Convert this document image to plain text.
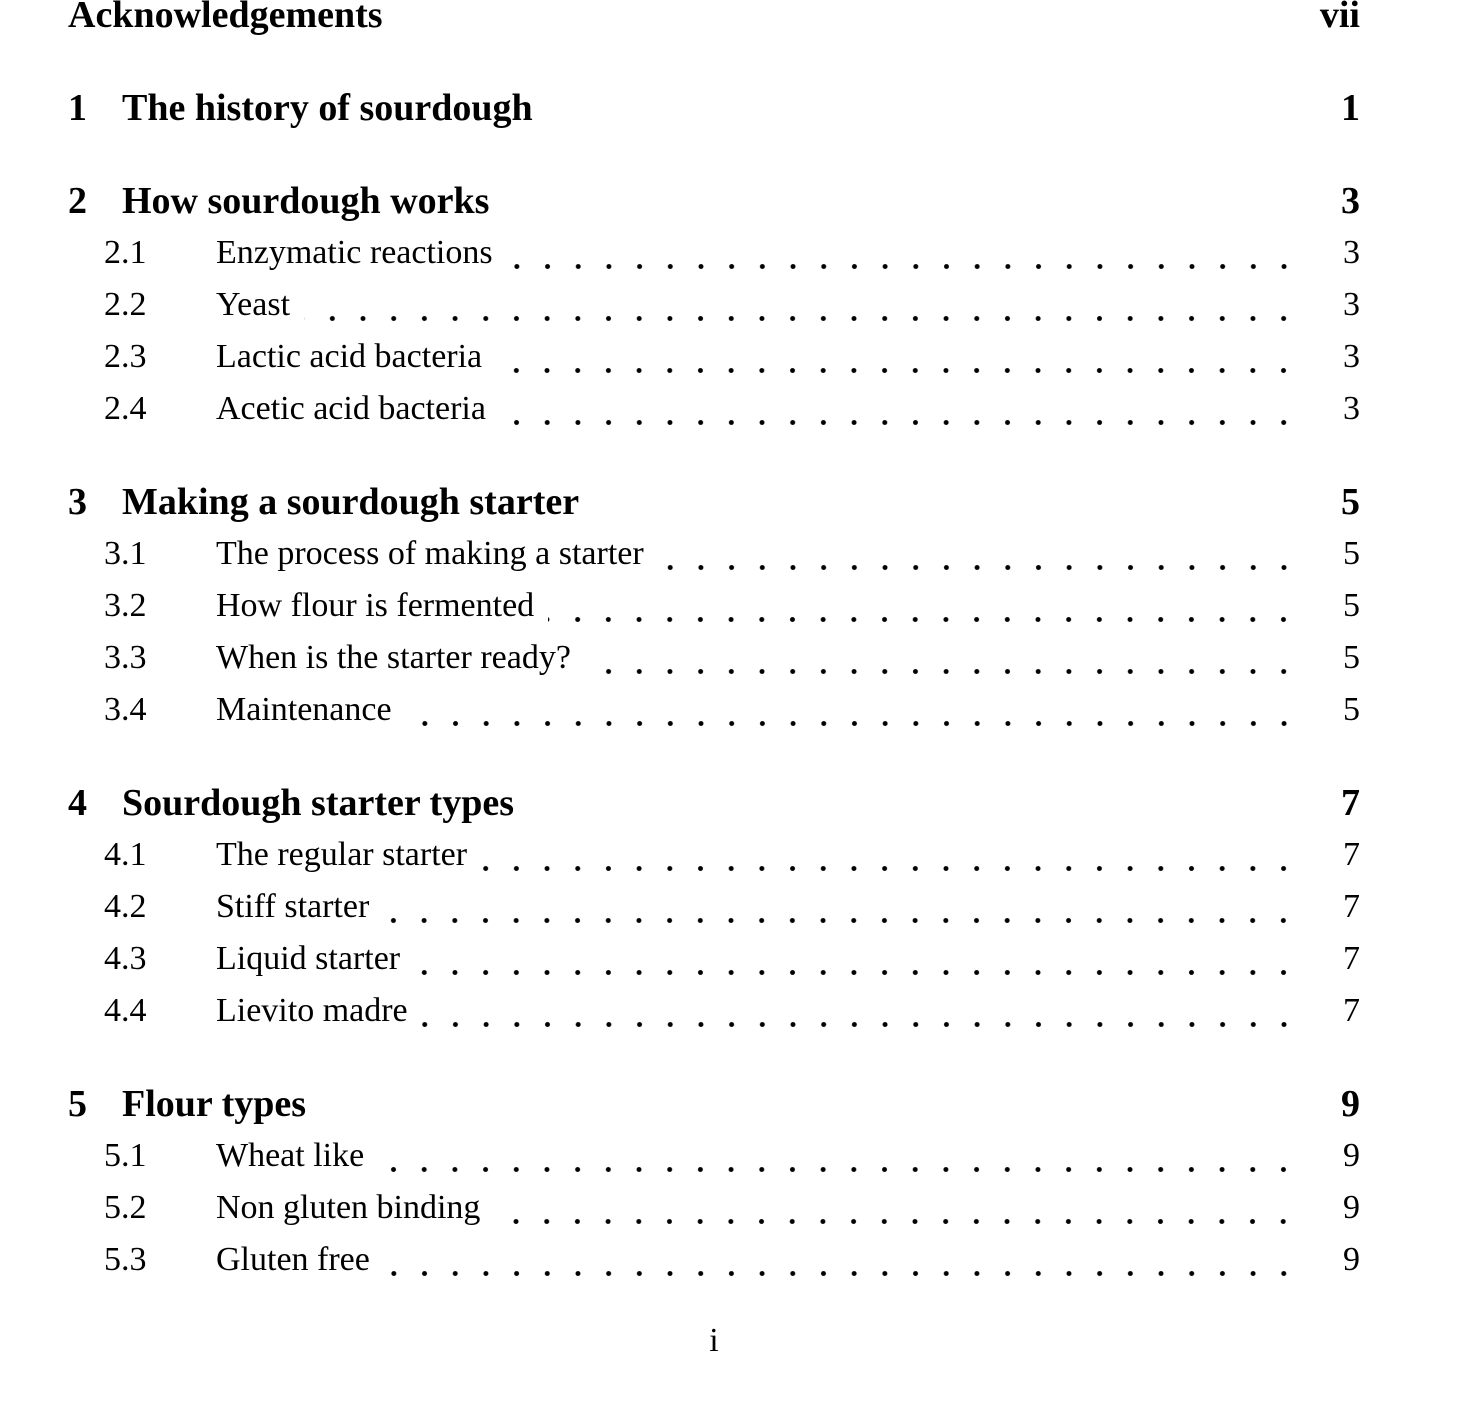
Acknowledgements	vii
1 The history of sourdough	1
2 How sourdough works	3
2.1	Enzymatic reactions	3
2.2	Yeast	3
2.3	Lactic acid bacteria	3
2.4	Acetic acid bacteria	3
3 Making a sourdough starter	5
3.1	The process of making a starter	5
3.2	How flour is fermented	5
3.3	When is the starter ready?	5
3.4	Maintenance	5
4 Sourdough starter types	7
4.1	The regular starter	7
4.2	Stiff starter	7
4.3	Liquid starter	7
4.4	Lievito madre	7
5 Flour types	9
5.1	Wheat like	9
5.2	Non gluten binding	9
5.3	Gluten free	9
i
